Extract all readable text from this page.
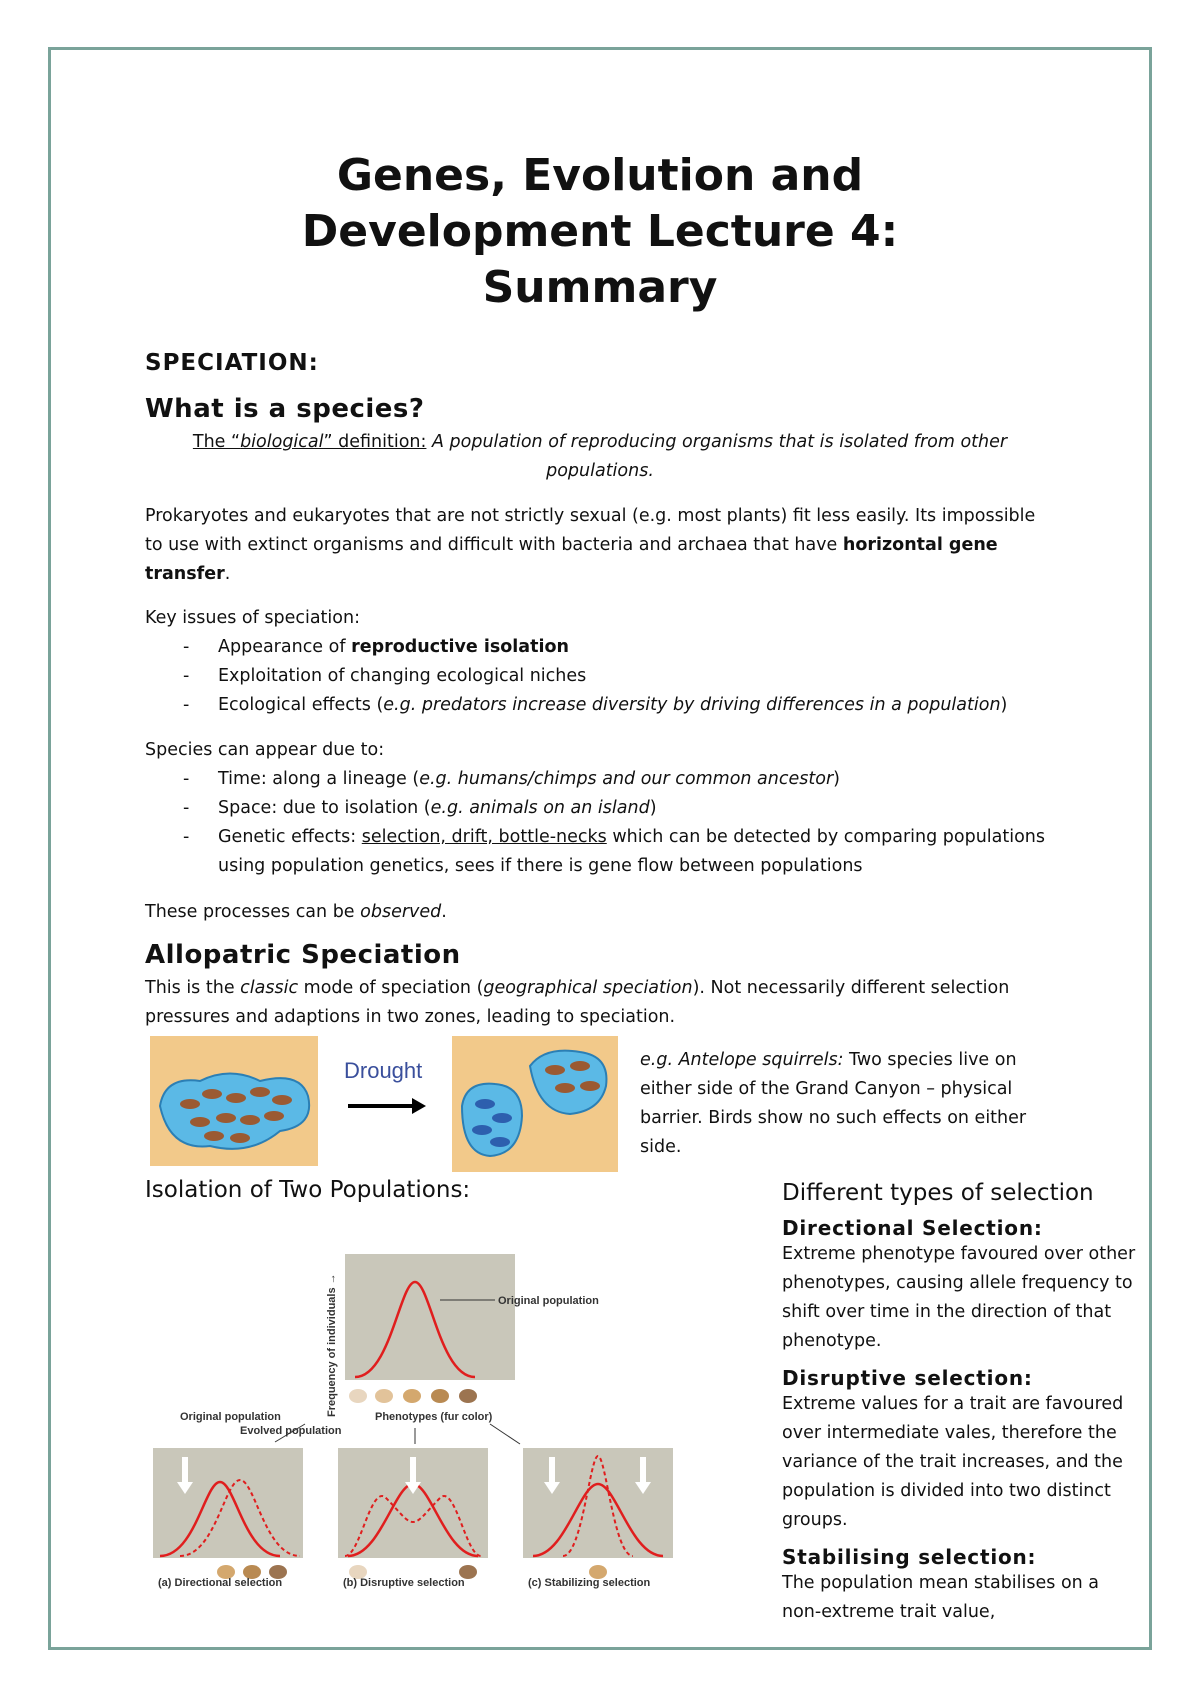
Genes, Evolution and
Development Lecture 4:
Summary
SPECIATION:
What is a species?
The “biological” definition: A population of reproducing organisms that is isolated from other populations.
Prokaryotes and eukaryotes that are not strictly sexual (e.g. most plants) fit less easily. Its impossible to use with extinct organisms and difficult with bacteria and archaea that have horizontal gene transfer.
Key issues of speciation:
- Appearance of reproductive isolation
- Exploitation of changing ecological niches
- Ecological effects (e.g. predators increase diversity by driving differences in a population)
Species can appear due to:
- Time: along a lineage (e.g. humans/chimps and our common ancestor)
- Space: due to isolation (e.g. animals on an island)
- Genetic effects: selection, drift, bottle-necks which can be detected by comparing populations using population genetics, sees if there is gene flow between populations
These processes can be observed.
Allopatric Speciation
This is the classic mode of speciation (geographical speciation). Not necessarily different selection pressures and adaptions in two zones, leading to speciation.
Drought	e.g. Antelope squirrels: Two species live on either side of the Grand Canyon – physical barrier. Birds show no such effects on either side.
Isolation of Two Populations:
Frequency of individuals →	Original population
Phenotypes (fur color)
Original population
Evolved population
(a) Directional selection	(b) Disruptive selection	(c) Stabilizing selection
Different types of selection
Directional Selection:
Extreme phenotype favoured over other phenotypes, causing allele frequency to shift over time in the direction of that phenotype.
Disruptive selection:
Extreme values for a trait are favoured over intermediate vales, therefore the variance of the trait increases, and the population is divided into two distinct groups.
Stabilising selection:
The population mean stabilises on a non-extreme trait value,
